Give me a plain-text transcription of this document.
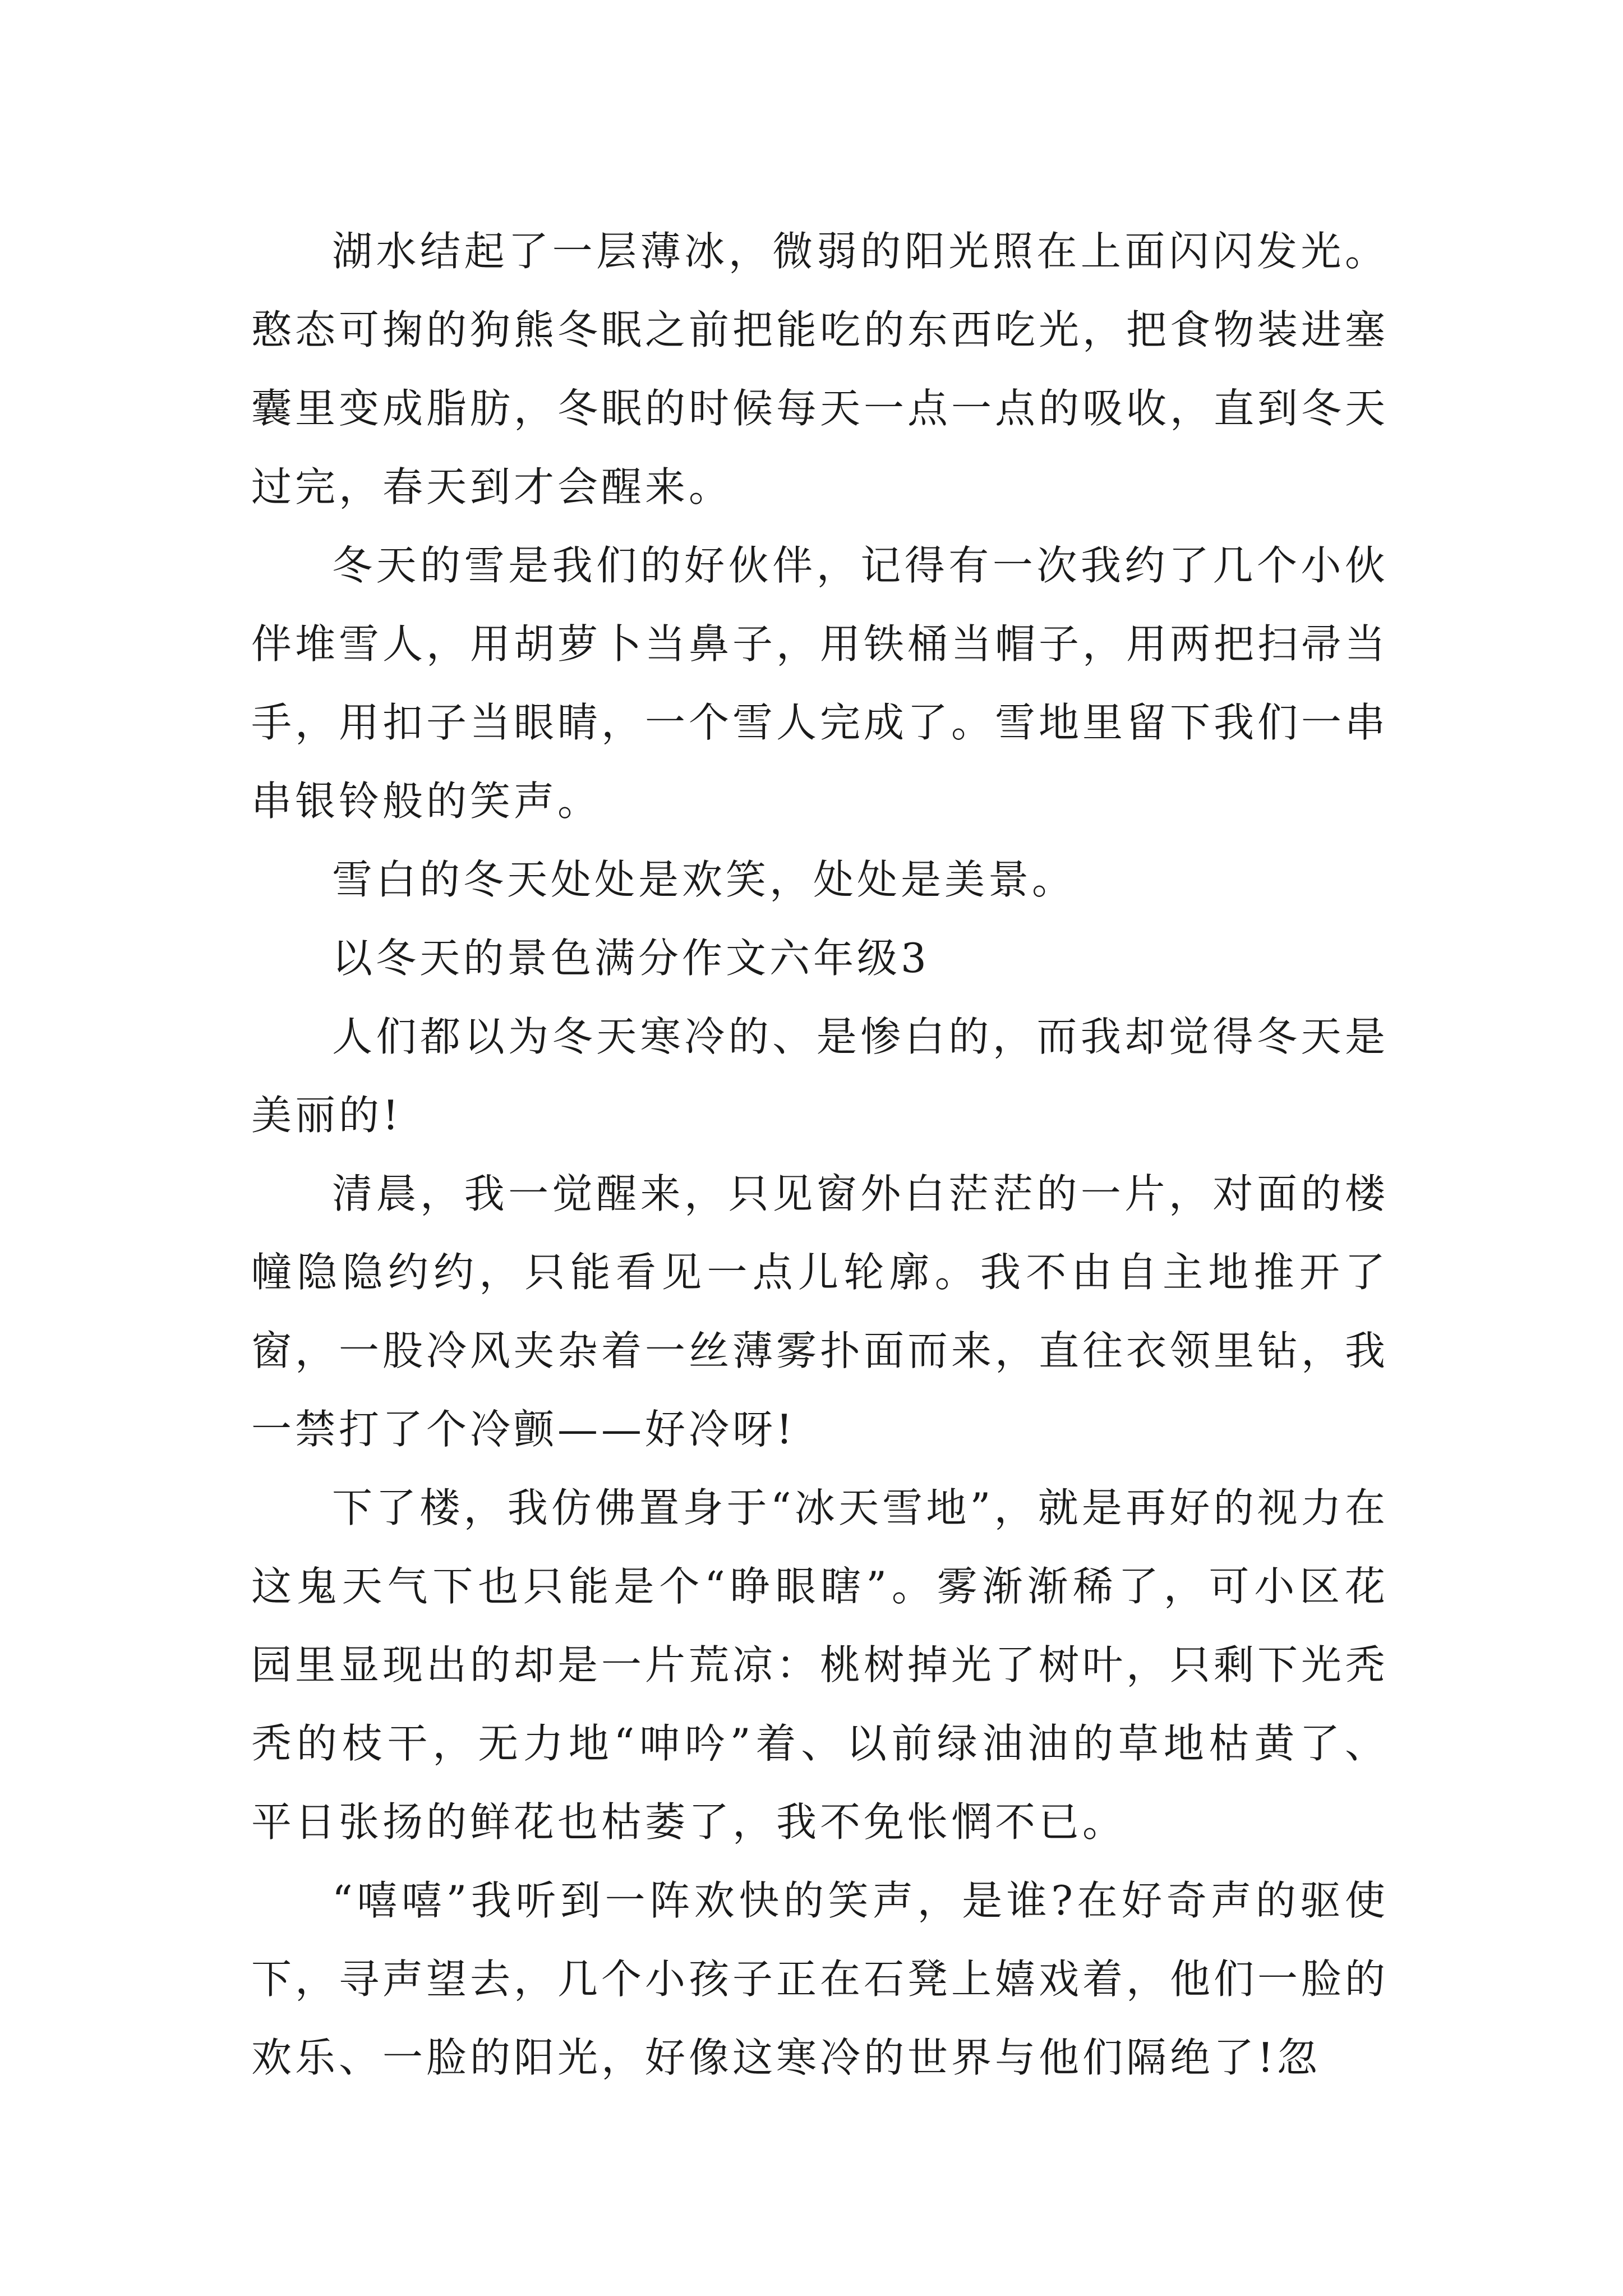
湖水结起了一层薄冰，微弱的阳光照在上面闪闪发光。憨态可掬的狗熊冬眠之前把能吃的东西吃光，把食物装进塞囊里变成脂肪，冬眠的时候每天一点一点的吸收，直到冬天过完，春天到才会醒来。

冬天的雪是我们的好伙伴，记得有一次我约了几个小伙伴堆雪人，用胡萝卜当鼻子，用铁桶当帽子，用两把扫帚当手，用扣子当眼睛，一个雪人完成了。雪地里留下我们一串串银铃般的笑声。

雪白的冬天处处是欢笑，处处是美景。

以冬天的景色满分作文六年级3

人们都以为冬天寒冷的、是惨白的，而我却觉得冬天是美丽的!

清晨，我一觉醒来，只见窗外白茫茫的一片，对面的楼幢隐隐约约，只能看见一点儿轮廓。我不由自主地推开了窗，一股冷风夹杂着一丝薄雾扑面而来，直往衣领里钻，我一禁打了个冷颤——好冷呀!

下了楼，我仿佛置身于“冰天雪地”，就是再好的视力在这鬼天气下也只能是个“睁眼瞎”。雾渐渐稀了，可小区花园里显现出的却是一片荒凉：桃树掉光了树叶，只剩下光秃秃的枝干，无力地“呻吟”着、以前绿油油的草地枯黄了、平日张扬的鲜花也枯萎了，我不免怅惘不已。

“嘻嘻”我听到一阵欢快的笑声，是谁?在好奇声的驱使下，寻声望去，几个小孩子正在石凳上嬉戏着，他们一脸的欢乐、一脸的阳光，好像这寒冷的世界与他们隔绝了!忽
